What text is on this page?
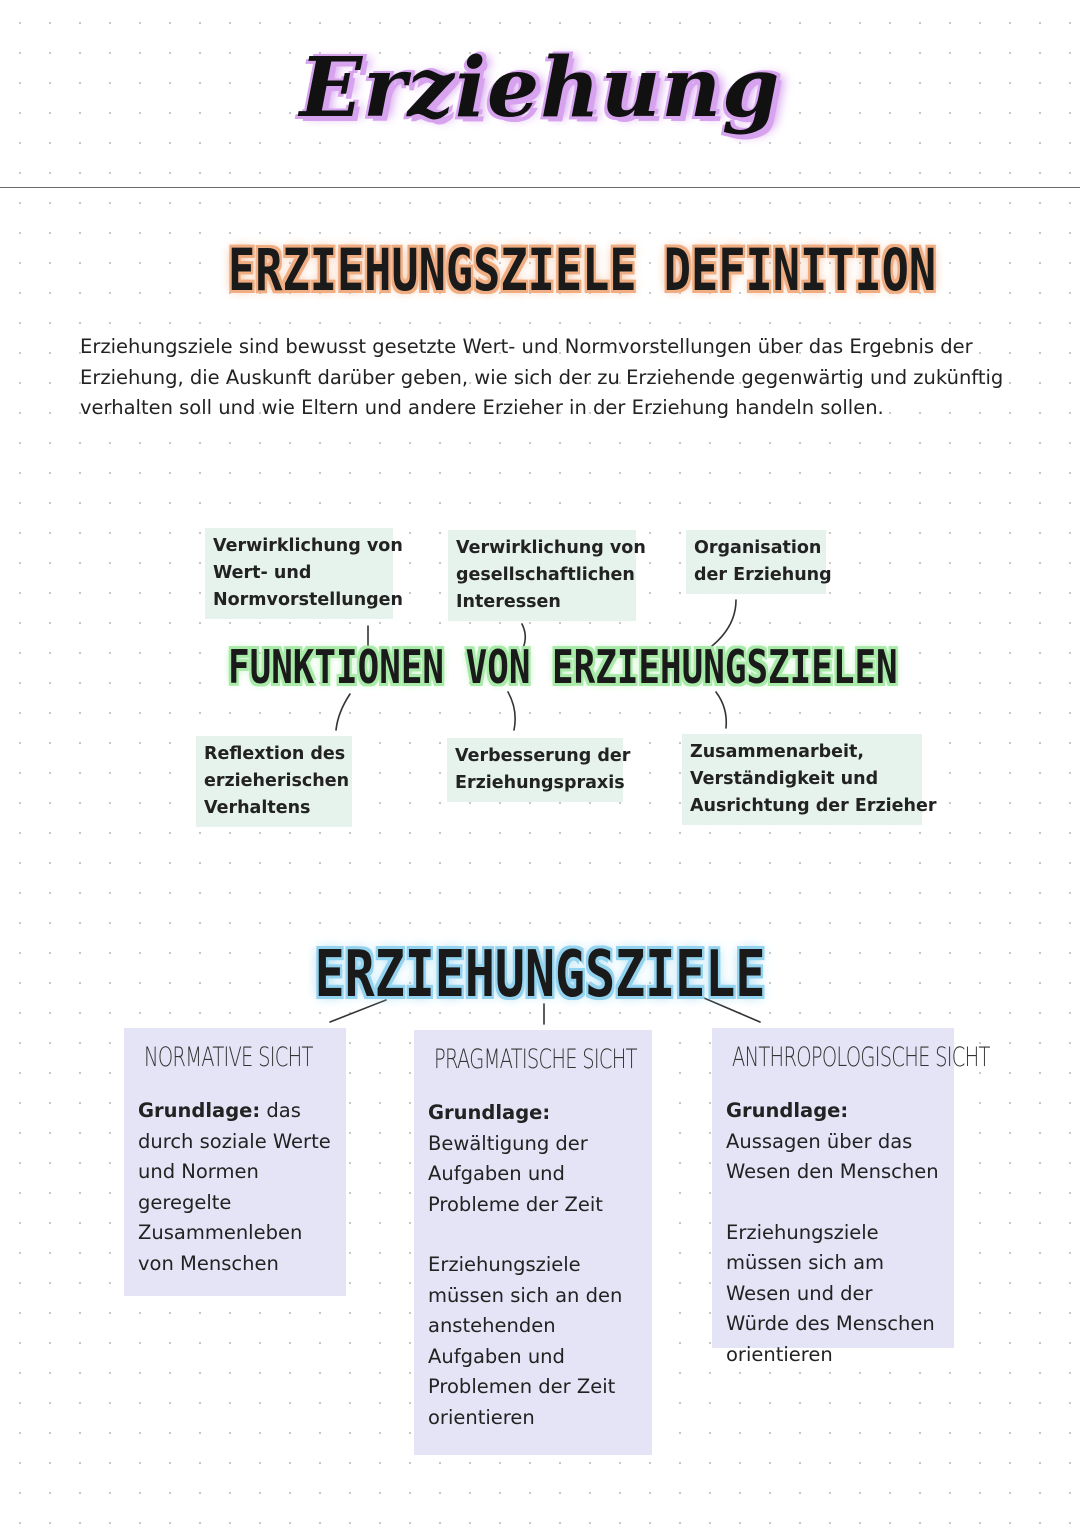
Erziehung
ERZIEHUNGSZIELE DEFINITION
Erziehungsziele sind bewusst gesetzte Wert- und Normvorstellungen über das Ergebnis der Erziehung, die Auskunft darüber geben, wie sich der zu Erziehende gegenwärtig und zukünftig verhalten soll und wie Eltern und andere Erzieher in der Erziehung handeln sollen.
Verwirklichung von
Wert- und
Normvorstellungen
Verwirklichung von
gesellschaftlichen
Interessen
Organisation
der Erziehung
FUNKTIONEN VON ERZIEHUNGSZIELEN
Reflextion des
erzieherischen
Verhaltens
Verbesserung der
Erziehungspraxis
Zusammenarbeit,
Verständigkeit und
Ausrichtung der Erzieher
ERZIEHUNGSZIELE
NORMATIVE SICHT

Grundlage: das durch soziale Werte und Normen geregelte Zusammenleben von Menschen

PRAGMATISCHE SICHT

Grundlage:
Bewältigung der Aufgaben und Probleme der Zeit

Erziehungsziele müssen sich an den anstehenden Aufgaben und Problemen der Zeit orientieren

ANTHROPOLOGISCHE SICHT

Grundlage: Aussagen über das Wesen den Menschen

Erziehungsziele müssen sich am Wesen und der Würde des Menschen orientieren
